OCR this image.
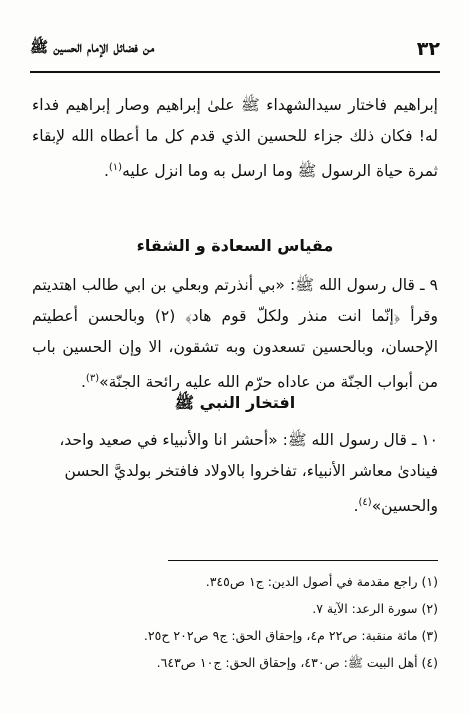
٣٢
من فضائل الإمام الحسين ﷺ
إبراهيم فاختار سيدالشهداء ﷺ علىٰ إبراهيم وصار إبراهيم فداء له! فكان ذلك جزاء للحسين الذي قدم كل ما أعطاه الله لإبقاء ثمرة حياة الرسول ﷺ وما ارسل به وما انزل عليه$^{(١)}$.
مقياس السعادة و الشقاء
٩ ـ قال رسول الله ﷺ: «بي أنذرتم وبعلي بن ابي طالب اهتديتم وقرأ ﴿إنّما انت منذر ولكلّ قوم هاد﴾ (٢) وبالحسن أعطيتم الإحسان، وبالحسين تسعدون وبه تشقون، الا وإن الحسين باب من أبواب الجنّة من عاداه حرّم الله عليه رائحة الجنّة»$^{(٣)}$.
افتخار النبي ﷺ
١٠ ـ قال رسول الله ﷺ: «أحشر انا والأنبياء في صعيد واحد،
فينادىٰ معاشر الأنبياء، تفاخروا بالاولاد فافتخر بولديَّ الحسن
والحسين»$^{(٤)}$.
(١) راجع مقدمة في أصول الدين: ج١ ص٣٤٥.
(٢) سورة الرعد: الآية ٧.
(٣) مائة منقبة: ص٢٢ م٤، وإحقاق الحق: ج٩ ص٢٠٢ ح٢٥.
(٤) أهل البيت ﷺ: ص٤٣٠، وإحقاق الحق: ج١٠ ص٦٤٣.
